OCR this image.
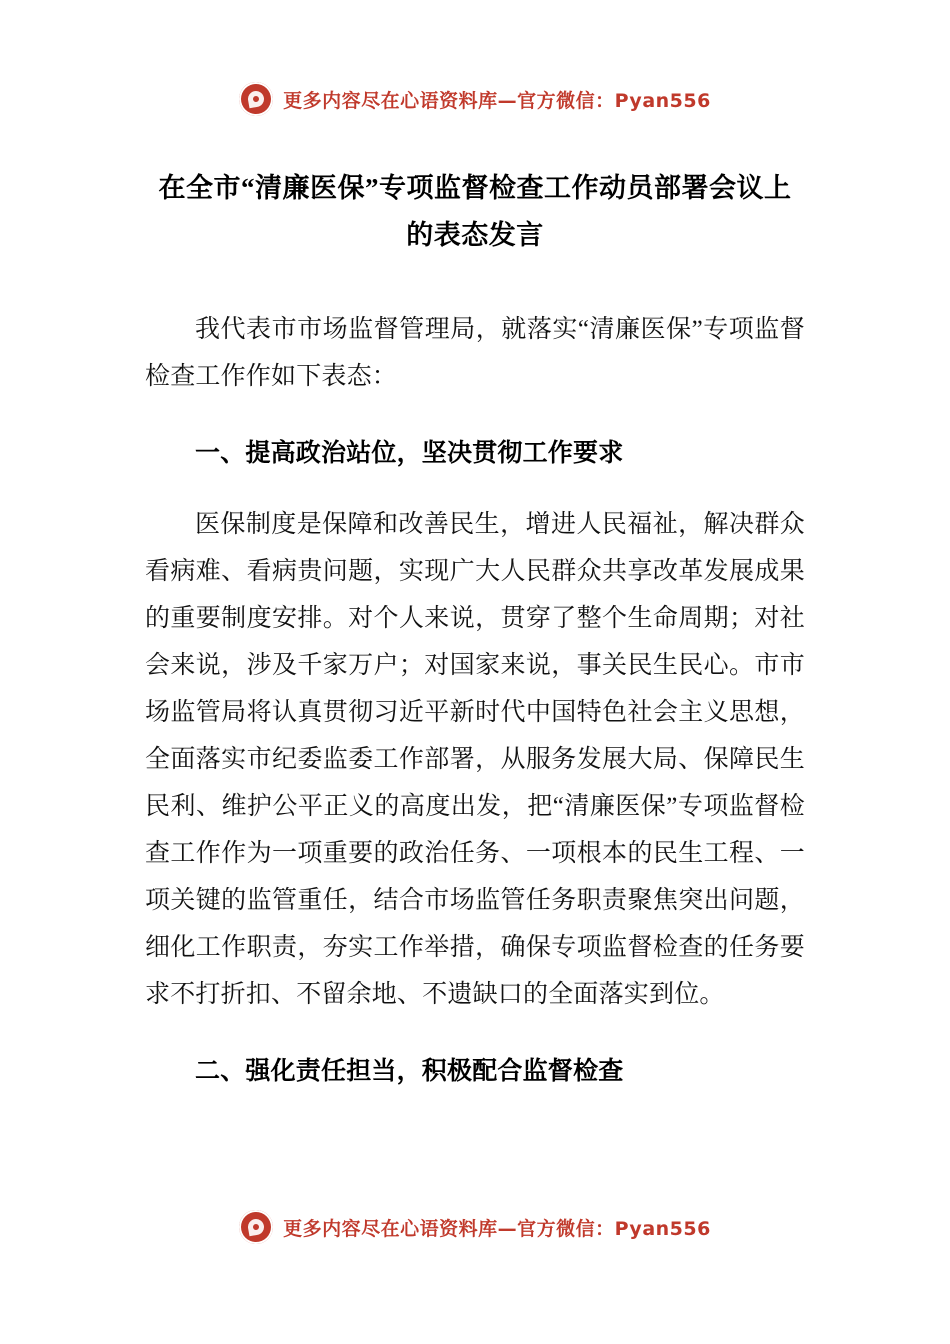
更多内容尽在心语资料库—官方微信：Pyan556
在全市“清廉医保”专项监督检查工作动员部署会议上的表态发言

我代表市市场监督管理局，就落实“清廉医保”专项监督检查工作作如下表态：

一、提高政治站位，坚决贯彻工作要求

医保制度是保障和改善民生，增进人民福祉，解决群众看病难、看病贵问题，实现广大人民群众共享改革发展成果的重要制度安排。对个人来说，贯穿了整个生命周期；对社会来说，涉及千家万户；对国家来说，事关民生民心。市市场监管局将认真贯彻习近平新时代中国特色社会主义思想，全面落实市纪委监委工作部署，从服务发展大局、保障民生民利、维护公平正义的高度出发，把“清廉医保”专项监督检查工作作为一项重要的政治任务、一项根本的民生工程、一项关键的监管重任，结合市场监管任务职责聚焦突出问题，细化工作职责，夯实工作举措，确保专项监督检查的任务要求不打折扣、不留余地、不遗缺口的全面落实到位。

二、强化责任担当，积极配合监督检查
更多内容尽在心语资料库—官方微信：Pyan556
